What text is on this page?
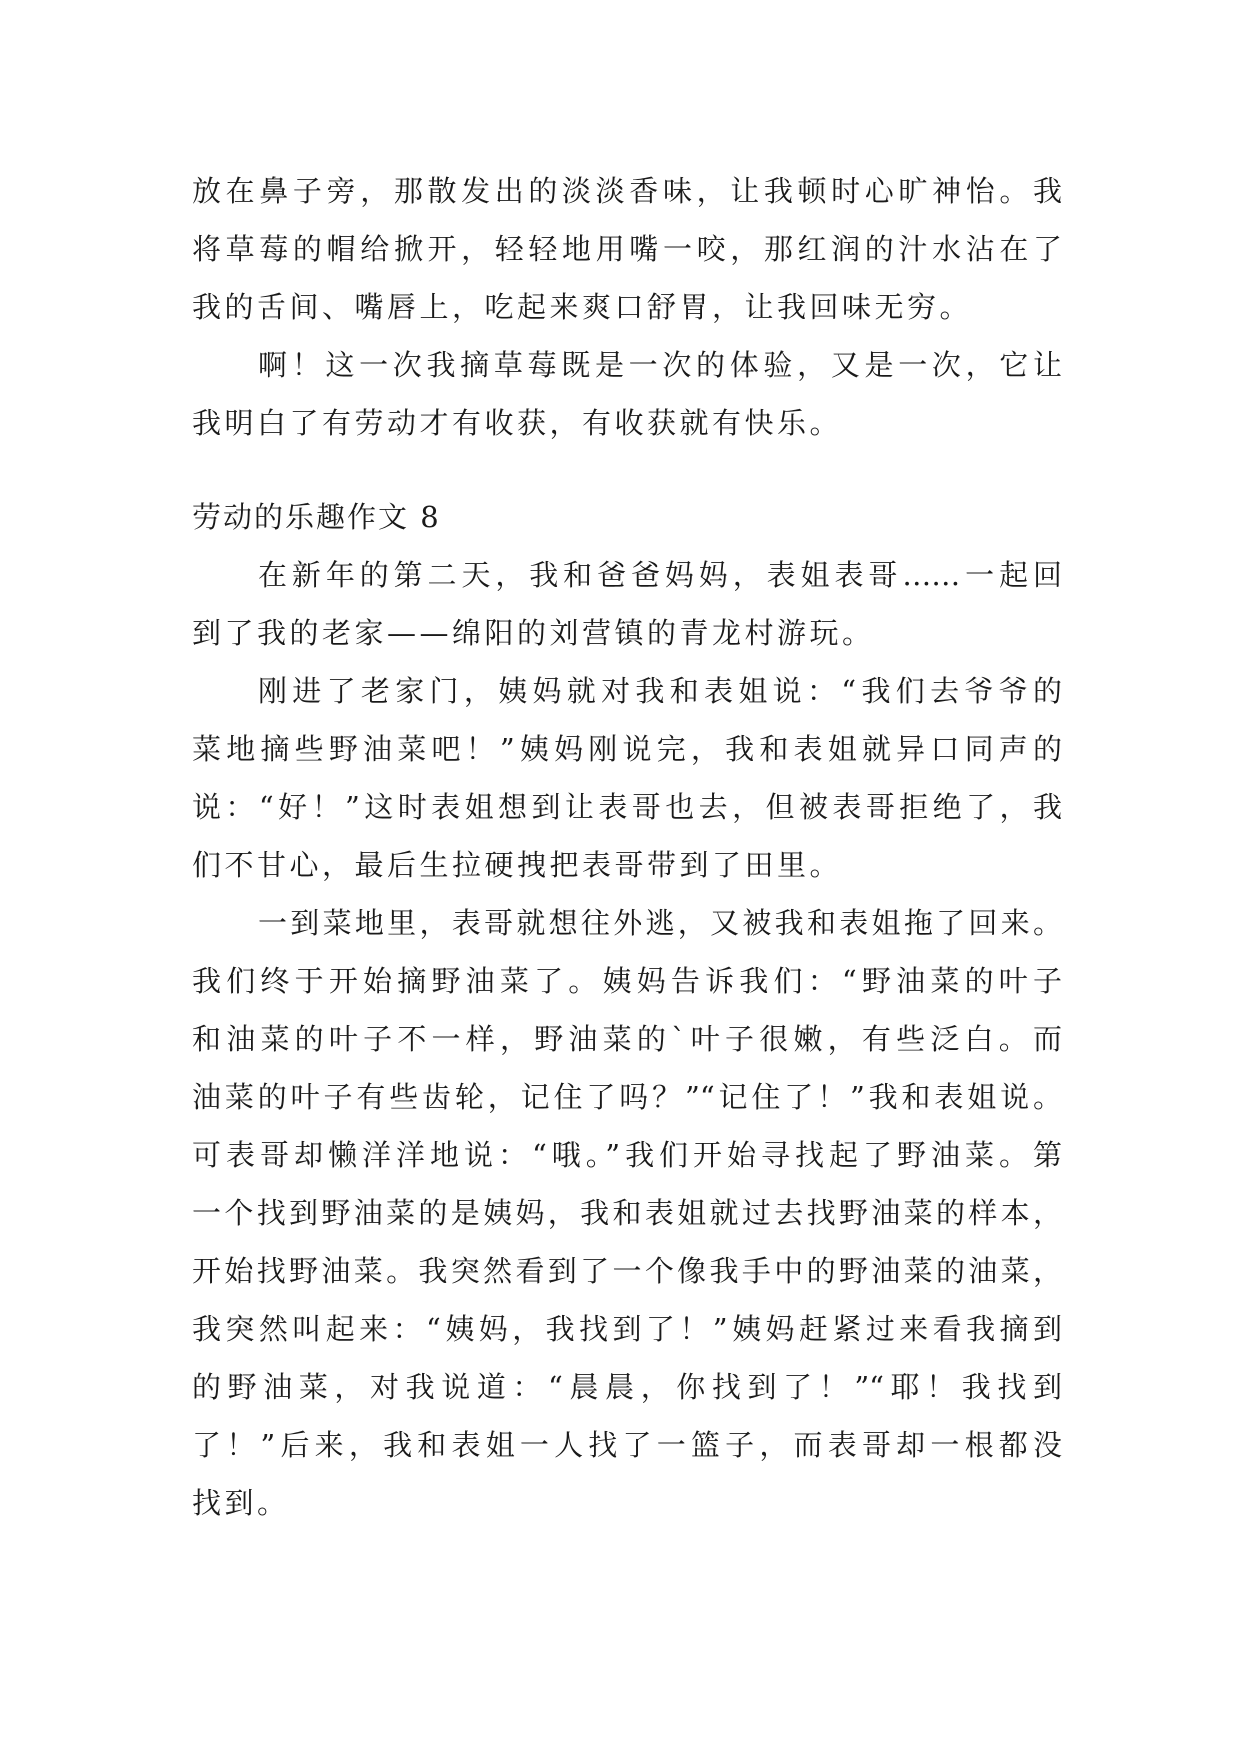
放在鼻子旁，那散发出的淡淡香味，让我顿时心旷神怡。我
将草莓的帽给掀开，轻轻地用嘴一咬，那红润的汁水沾在了
我的舌间、嘴唇上，吃起来爽口舒胃，让我回味无穷。
啊！这一次我摘草莓既是一次的体验，又是一次，它让
我明白了有劳动才有收获，有收获就有快乐。
劳动的乐趣作文 8
在新年的第二天，我和爸爸妈妈，表姐表哥……一起回
到了我的老家——绵阳的刘营镇的青龙村游玩。
刚进了老家门，姨妈就对我和表姐说：“我们去爷爷的
菜地摘些野油菜吧！”姨妈刚说完，我和表姐就异口同声的
说：“好！”这时表姐想到让表哥也去，但被表哥拒绝了，我
们不甘心，最后生拉硬拽把表哥带到了田里。
一到菜地里，表哥就想往外逃，又被我和表姐拖了回来。
我们终于开始摘野油菜了。姨妈告诉我们：“野油菜的叶子
和油菜的叶子不一样，野油菜的`叶子很嫩，有些泛白。而
油菜的叶子有些齿轮，记住了吗？”“记住了！”我和表姐说。
可表哥却懒洋洋地说：“哦。”我们开始寻找起了野油菜。第
一个找到野油菜的是姨妈，我和表姐就过去找野油菜的样本，
开始找野油菜。我突然看到了一个像我手中的野油菜的油菜，
我突然叫起来：“姨妈，我找到了！”姨妈赶紧过来看我摘到
的野油菜，对我说道：“晨晨，你找到了！”“耶！我找到
了！”后来，我和表姐一人找了一篮子，而表哥却一根都没
找到。
